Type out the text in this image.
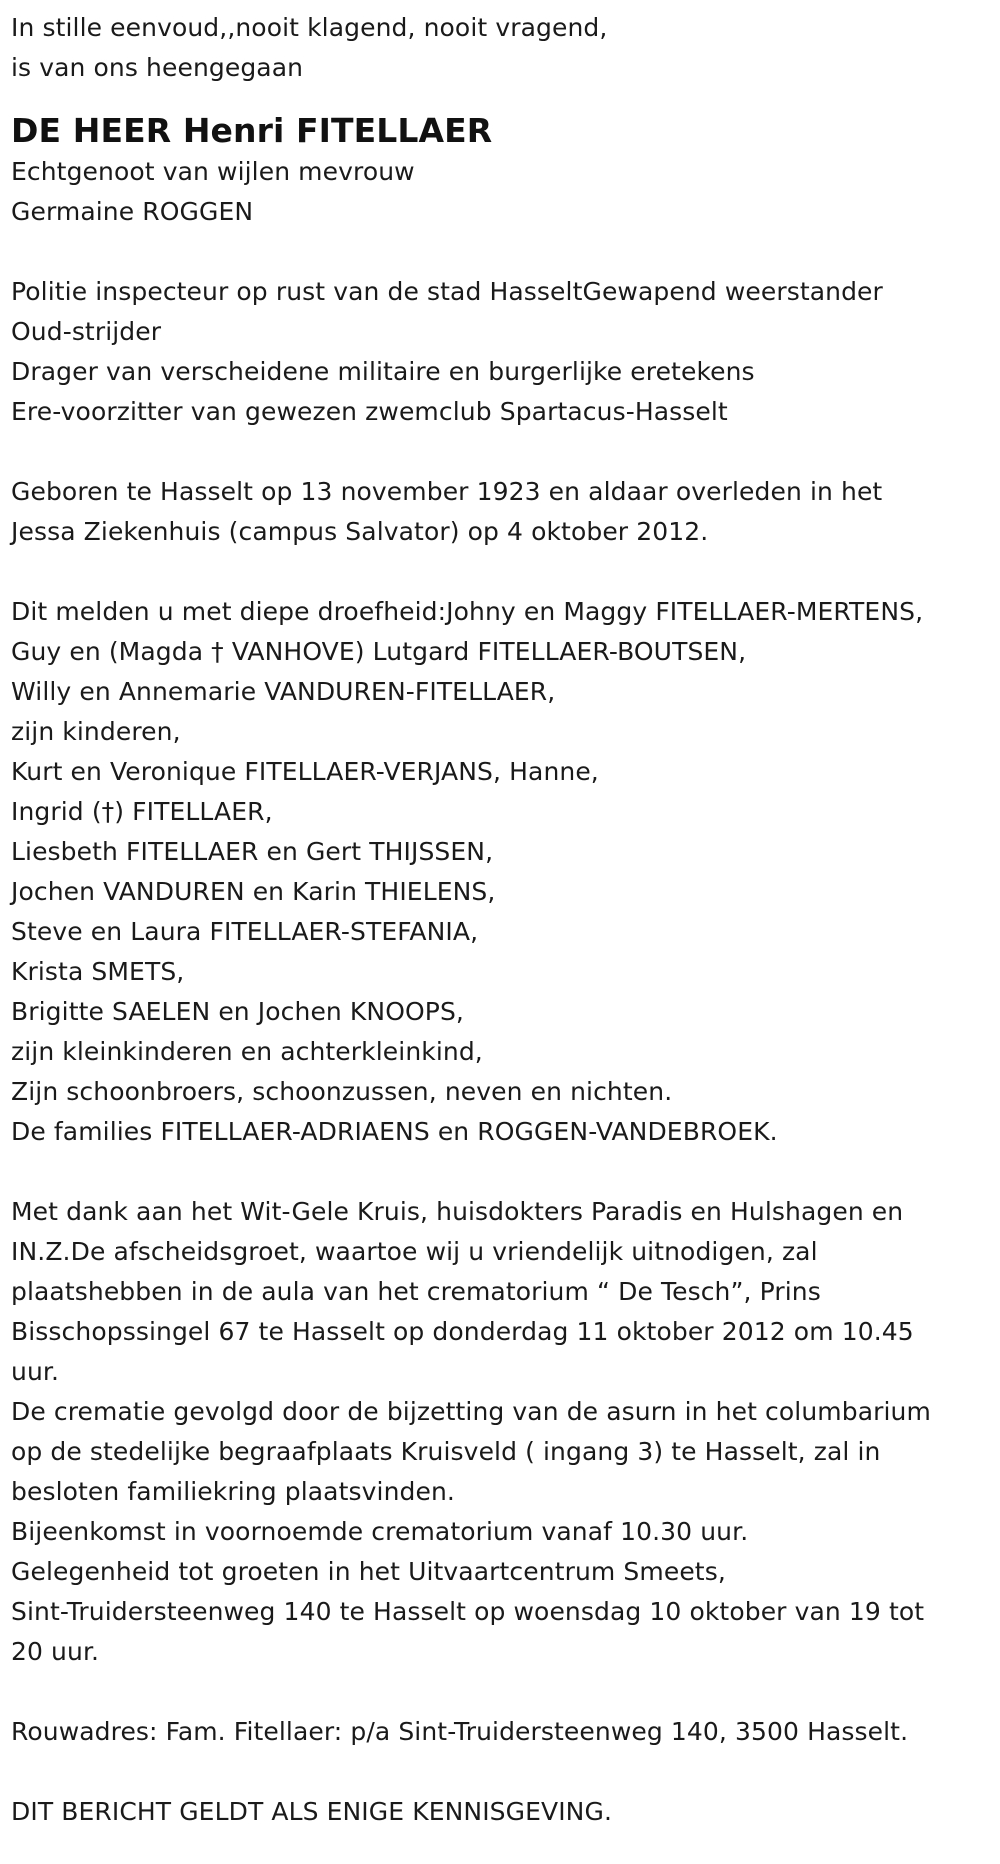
In stille eenvoud,,nooit klagend, nooit vragend,
is van ons heengegaan
DE HEER Henri FITELLAER
Echtgenoot van wijlen mevrouw
Germaine ROGGEN
Politie inspecteur op rust van de stad HasseltGewapend weerstander
Oud-strijder
Drager van verscheidene militaire en burgerlijke eretekens
Ere-voorzitter van gewezen zwemclub Spartacus-Hasselt
Geboren te Hasselt op 13 november 1923 en aldaar overleden in het
Jessa Ziekenhuis (campus Salvator) op 4 oktober 2012.
Dit melden u met diepe droefheid:Johny en Maggy FITELLAER-MERTENS,
Guy en (Magda † VANHOVE) Lutgard FITELLAER-BOUTSEN,
Willy en Annemarie VANDUREN-FITELLAER,
zijn kinderen,
Kurt en Veronique FITELLAER-VERJANS, Hanne,
Ingrid (†) FITELLAER,
Liesbeth FITELLAER en Gert THIJSSEN,
Jochen VANDUREN en Karin THIELENS,
Steve en Laura FITELLAER-STEFANIA,
Krista SMETS,
Brigitte SAELEN en Jochen KNOOPS,
zijn kleinkinderen en achterkleinkind,
Zijn schoonbroers, schoonzussen, neven en nichten.
De families FITELLAER-ADRIAENS en ROGGEN-VANDEBROEK.
Met dank aan het Wit-Gele Kruis, huisdokters Paradis en Hulshagen en
IN.Z.De afscheidsgroet, waartoe wij u vriendelijk uitnodigen, zal
plaatshebben in de aula van het crematorium “ De Tesch”, Prins
Bisschopssingel 67 te Hasselt op donderdag 11 oktober 2012 om 10.45
uur.
De crematie gevolgd door de bijzetting van de asurn in het columbarium
op de stedelijke begraafplaats Kruisveld ( ingang 3) te Hasselt, zal in
besloten familiekring plaatsvinden.
Bijeenkomst in voornoemde crematorium vanaf 10.30 uur.
Gelegenheid tot groeten in het Uitvaartcentrum Smeets,
Sint-Truidersteenweg 140 te Hasselt op woensdag 10 oktober van 19 tot
20 uur.
Rouwadres: Fam. Fitellaer: p/a Sint-Truidersteenweg 140, 3500 Hasselt.
DIT BERICHT GELDT ALS ENIGE KENNISGEVING.
